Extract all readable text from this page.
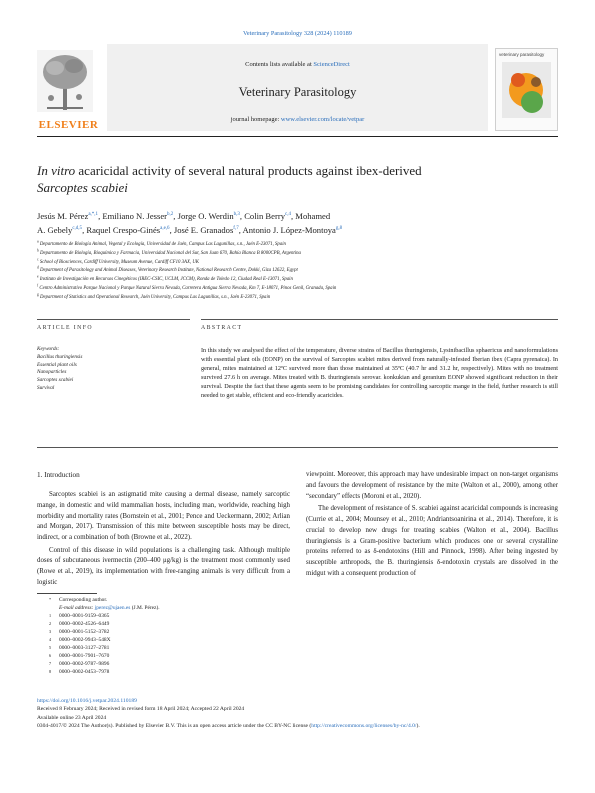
Veterinary Parasitology 328 (2024) 110189
ELSEVIER
Contents lists available at ScienceDirect
Veterinary Parasitology
journal homepage: www.elsevier.com/locate/vetpar
veterinary parasitology
In vitro acaricidal activity of several natural products against ibex-derived
Sarcoptes scabiei
Jesús M. Pérez$^{a,*,1}$, Emiliano N. Jesser$^{b,2}$, Jorge O. Werdin$^{b,3}$, Colin Berry$^{c,4}$, Mohamed
A. Gebely$^{c,d,5}$, Raquel Crespo-Ginés$^{a,e,6}$, José E. Granados$^{f,7}$, Antonio J. López-Montoya$^{g,8}$
$^a$ Departamento de Biología Animal, Vegetal y Ecología, Universidad de Jaén, Campus Las Lagunillas, s.n., Jaén E-23071, Spain
$^b$ Departamento de Biología, Bioquímica y Farmacia, Universidad Nacional del Sur, San Juan 670, Bahía Blanca B 8000CPB, Argentina
$^c$ School of Biosciences, Cardiff University, Museum Avenue, Cardiff CF10 3AX, UK
$^d$ Department of Parasitology and Animal Diseases, Veterinary Research Institute, National Research Centre, Dokki, Giza 12622, Egypt
$^e$ Instituto de Investigación en Recursos Cinegéticos (IREC-CSIC, UCLM, JCCM), Ronda de Toledo 12, Ciudad Real E-13071, Spain
$^f$ Centro Administrativo Parque Nacional y Parque Natural Sierra Nevada, Carretera Antigua Sierra Nevada, Km 7, E-18071, Pinos Genil, Granada, Spain
$^g$ Department of Statistics and Operational Research, Jaén University, Campus Las Lagunillas, s.n., Jaén E-23071, Spain
ARTICLE INFO	ABSTRACT
Keywords:
Bacillus thuringiensis
Essential plant oils
Nanoparticles
Sarcoptes scabiei
Survival
In this study we analysed the effect of the temperature, diverse strains of Bacillus thuringiensis, Lysinibacillus sphaericus and nanoformulations with essential plant oils (EONP) on the survival of Sarcoptes scabiei mites derived from naturally-infested Iberian ibex (Capra pyrenaica). In general, mites maintained at 12ºC survived more than those maintained at 35ºC (40.7 hr and 31.2 hr, respectively). Mites with no treatment survived 27.6 h on average. Mites treated with B. thuringiensis serovar. konkukian and geranium EONP showed significant reduction in their survival. Despite the fact that these agents seem to be promising candidates for controlling sarcoptic mange in the field, further research is still needed to get stable, efficient and eco-friendly acaricides.
1. Introduction

Sarcoptes scabiei is an astigmatid mite causing a dermal disease, namely sarcoptic mange, in domestic and wild mammalian hosts, including man, worldwide, reaching high morbidity and mortality rates (Bornstein et al., 2001; Pence and Ueckermann, 2002; Arlian and Morgan, 2017). Transmission of this mite between susceptible hosts may be direct, indirect, or a combination of both (Browne et al., 2022).

Control of this disease in wild populations is a challenging task. Although multiple doses of subcutaneous ivermectin (200–400 μg/kg) is the treatment most commonly used (Rowe et al., 2019), its implementation with free-ranging animals is very difficult from a logistic

viewpoint. Moreover, this approach may have undesirable impact on non-target organisms and favours the development of resistance by the mite (Walton et al., 2000), among other “secondary” effects (Moroni et al., 2020).

The development of resistance of S. scabiei against acaricidal compounds is increasing (Currie et al., 2004; Mounsey et al., 2010; Andriantsoanirina et al., 2014). Therefore, it is crucial to develop new drugs for treating scabies (Walton et al., 2004). Bacillus thuringiensis is a Gram-positive bacterium which produces one or several crystalline proteins referred to as δ-endotoxins (Hill and Pinnock, 1998). After being ingested by susceptible arthropods, the B. thuringiensis δ-endotoxin crystals are dissolved in the midgut with a consequent production of

* Corresponding author.
E-mail address: jperez@ujaen.es (J.M. Pérez).
1 0000–0001-9159–0365
2 0000–0002-4526–6449
3 0000–0001-5152–3782
4 0000–0002-9943–548X
5 0000–0003-3127–2781
6 0000–0001-7901–7670
7 0000–0002-9787–9896
8 0000–0002-0453–7978
https://doi.org/10.1016/j.vetpar.2024.110189
Received 8 February 2024; Received in revised form 18 April 2024; Accepted 22 April 2024
Available online 23 April 2024
0304-4017/© 2024 The Author(s). Published by Elsevier B.V. This is an open access article under the CC BY-NC license (http://creativecommons.org/licenses/by-nc/4.0/).
